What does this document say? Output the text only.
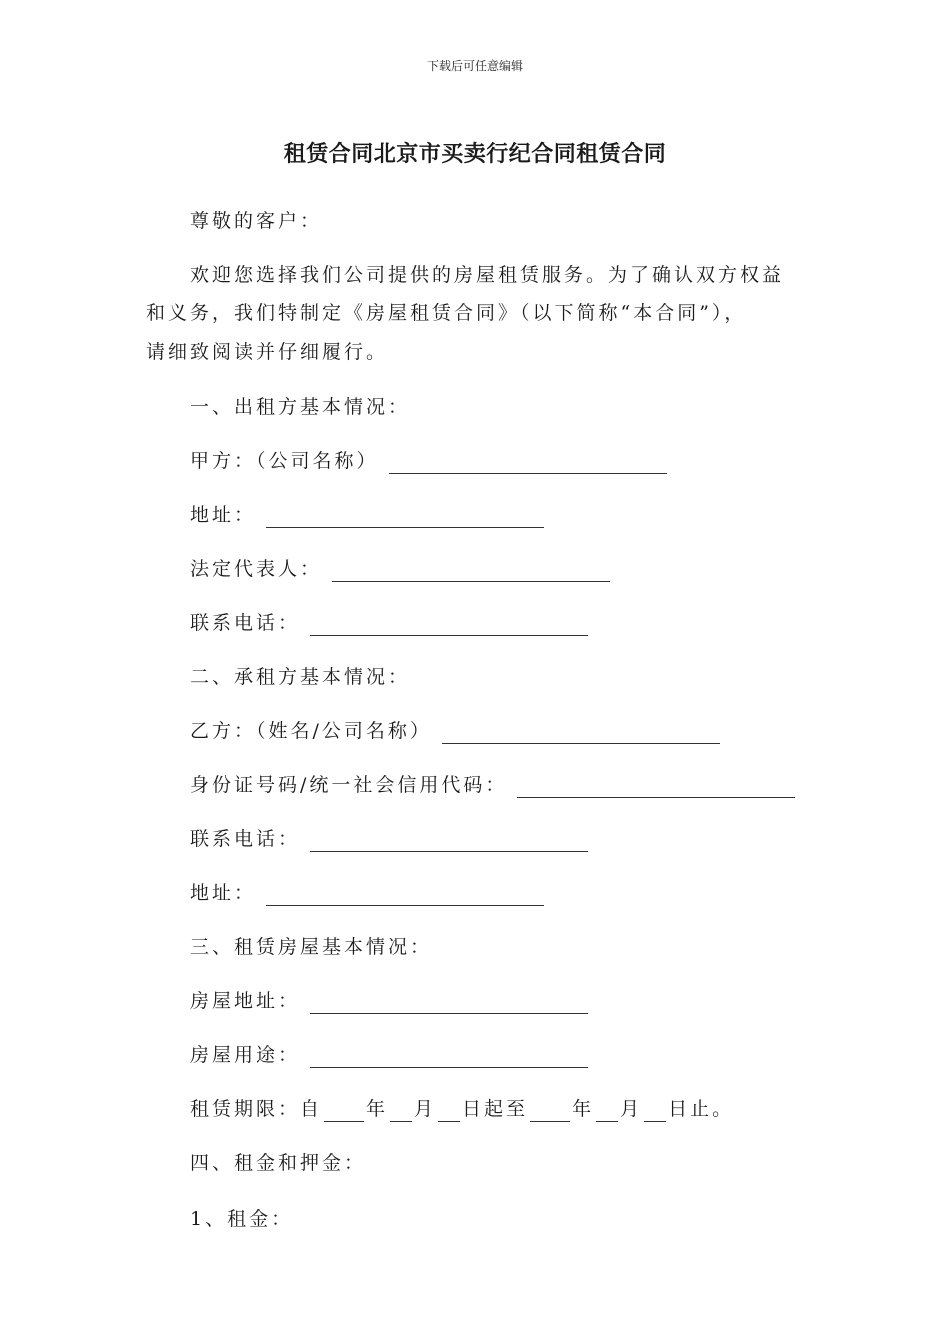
下载后可任意编辑
租赁合同北京市买卖行纪合同租赁合同
尊敬的客户：
欢迎您选择我们公司提供的房屋租赁服务。为了确认双方权益
和义务，我们特制定《房屋租赁合同》（以下简称“本合同”），
请细致阅读并仔细履行。
一、出租方基本情况：
甲方：（公司名称）
地址：
法定代表人：
联系电话：
二、承租方基本情况：
乙方：（姓名/公司名称）
身份证号码/统一社会信用代码：
联系电话：
地址：
三、租赁房屋基本情况：
房屋地址：
房屋用途：
租赁期限：自 年 月 日起至 年 月 日止。
四、租金和押金：
1、租金：
